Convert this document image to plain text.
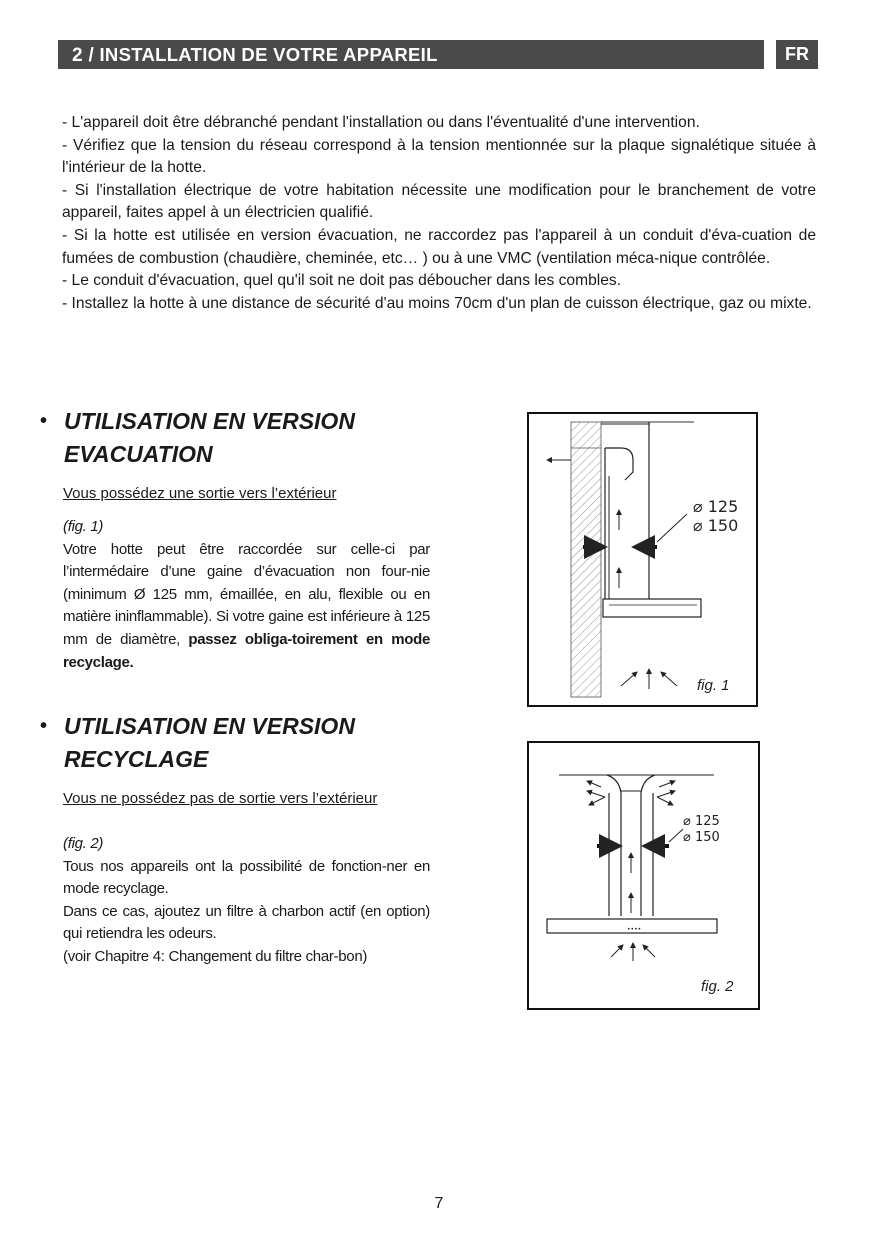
2 / INSTALLATION DE VOTRE APPAREIL	FR

- L'appareil doit être débranché pendant l'installation ou dans l'éventualité d'une intervention.

- Vérifiez que la tension du réseau correspond à la tension mentionnée sur la plaque signalétique située à l'intérieur de la hotte.

- Si l'installation électrique de votre habitation nécessite une modification pour le branchement de votre appareil, faites appel à un électricien qualifié.

- Si la hotte est utilisée en version évacuation, ne raccordez pas l'appareil à un conduit d'éva-cuation de fumées de combustion (chaudière, cheminée, etc… ) ou à une VMC (ventilation méca-nique contrôlée.

- Le conduit d'évacuation, quel qu'il soit ne doit pas déboucher dans les combles.

- Installez la hotte à une distance de sécurité d'au moins 70cm d'un plan de cuisson électrique, gaz ou mixte.

• UTILISATION EN VERSION
EVACUATION
Vous possédez une sortie vers l’extérieur

(fig. 1)

Votre hotte peut être raccordée sur celle-ci par l’intermédaire d’une gaine d’évacuation non four-nie (minimum Ø 125 mm, émaillée, en alu, flexible ou en matière ininflammable). Si votre gaine est inférieure à 125 mm de diamètre, passez obliga-toirement en mode recyclage.

• UTILISATION EN VERSION
RECYCLAGE
Vous ne possédez pas de sortie vers l’extérieur

(fig. 2)

Tous nos appareils ont la possibilité de fonction-ner en mode recyclage.

Dans ce cas, ajoutez un filtre à charbon actif (en option) qui retiendra les odeurs.

(voir Chapitre 4: Changement du filtre char-bon)

⌀ 125
⌀ 150
fig. 1
••••
⌀ 125
⌀ 150
fig. 2
7
